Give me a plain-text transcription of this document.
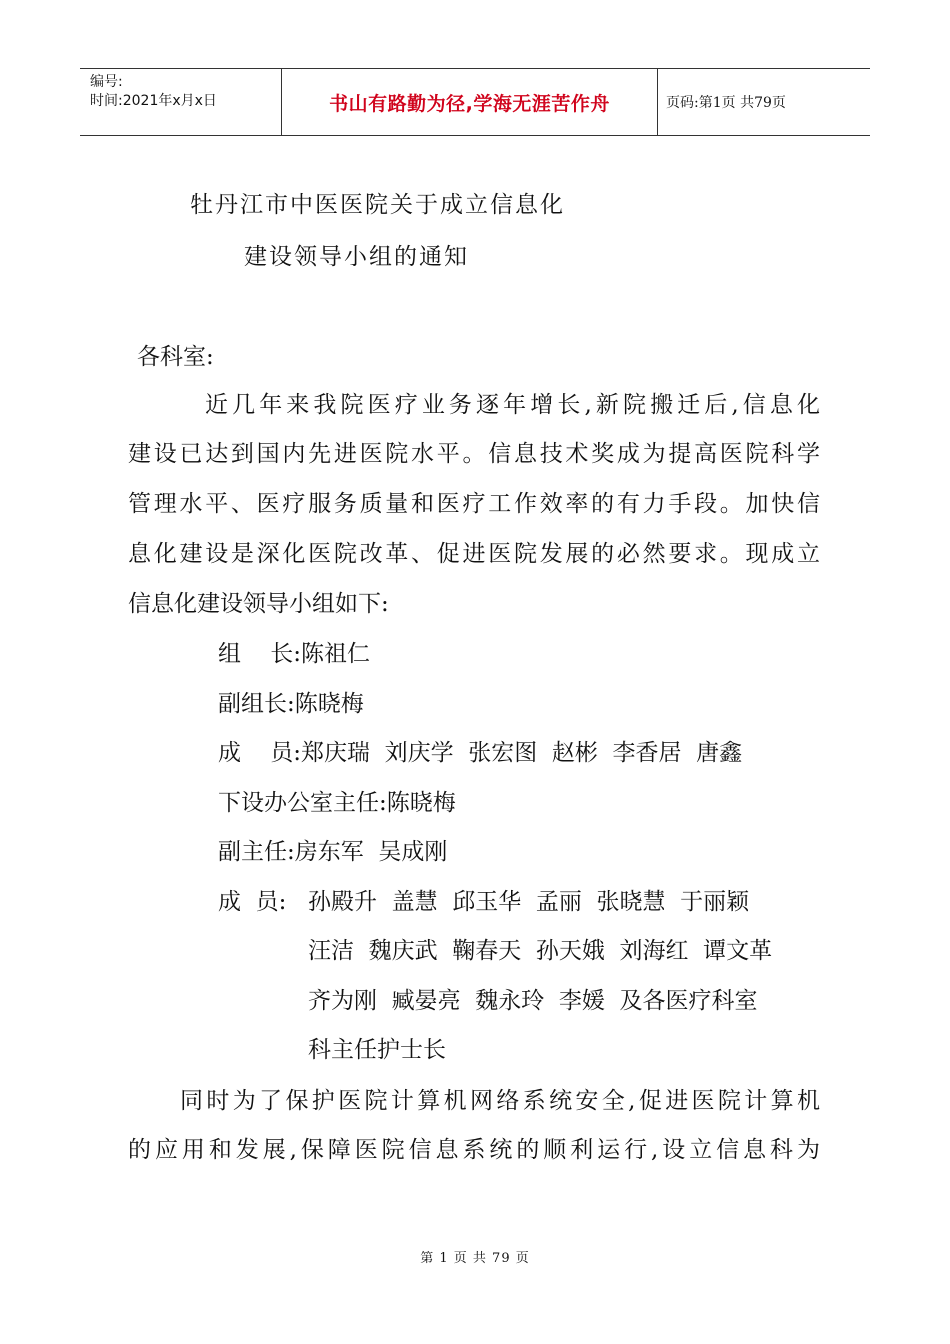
编号:
时间:2021年x月x日	书山有路勤为径,学海无涯苦作舟	页码:第1页 共79页
牡丹江市中医医院关于成立信息化
建设领导小组的通知
各科室:
近几年来我院医疗业务逐年增长,新院搬迁后,信息化
建设已达到国内先进医院水平。信息技术奖成为提高医院科学
管理水平、医疗服务质量和医疗工作效率的有力手段。加快信
息化建设是深化医院改革、促进医院发展的必然要求。现成立
信息化建设领导小组如下:
组    长:陈祖仁
副组长:陈晓梅
成    员:郑庆瑞  刘庆学  张宏图  赵彬  李香居  唐鑫
下设办公室主任:陈晓梅
副主任:房东军  吴成刚
成  员: 孙殿升  盖慧  邱玉华  孟丽  张晓慧  于丽颖
汪洁  魏庆武  鞠春天  孙天娥  刘海红  谭文革
齐为刚  臧晏亮  魏永玲  李媛  及各医疗科室
科主任护士长
同时为了保护医院计算机网络系统安全,促进医院计算机
的应用和发展,保障医院信息系统的顺利运行,设立信息科为
第 1 页 共 79 页
